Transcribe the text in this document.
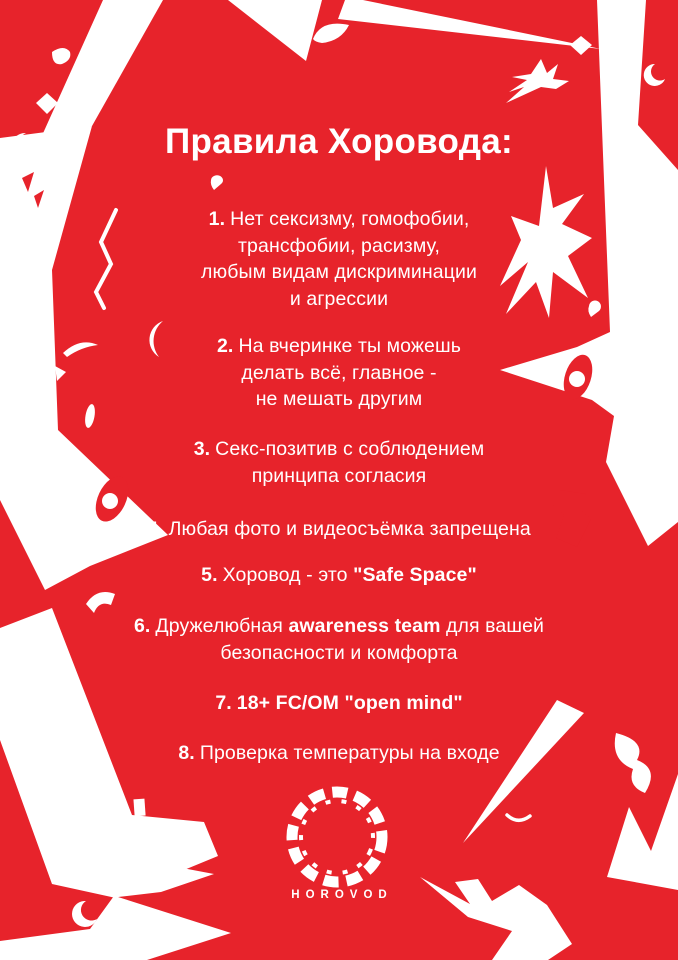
Правила Хоровода:
1. Нет сексизму, гомофобии,
трансфобии, расизму,
любым видам дискриминации
и агрессии
2. На вчеринке ты можешь
делать всё, главное -
не мешать другим
3. Секс-позитив с соблюдением
принципа согласия
4. Любая фото и видеосъёмка запрещена
5. Хоровод - это "Safe Space"
6. Дружелюбная awareness team для вашей
безопасности и комфорта
7. 18+ FC/OM "open mind"
8. Проверка температуры на входе
HOROVOD
